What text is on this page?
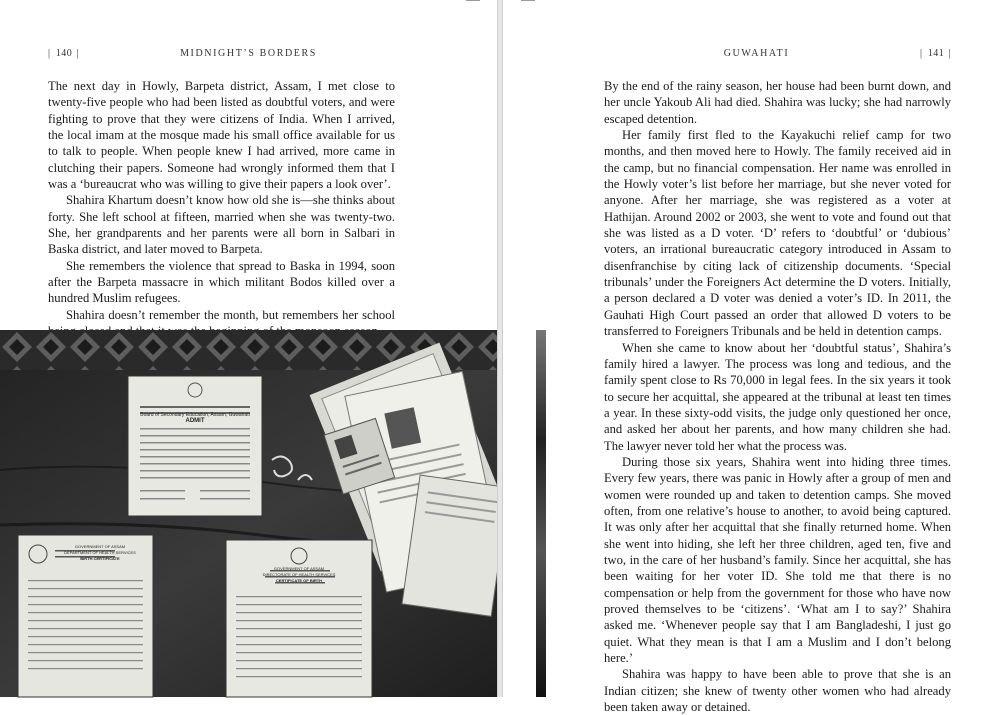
| 140 |	MIDNIGHT’S BORDERS

The next day in Howly, Barpeta district, Assam, I met close to twenty-five people who had been listed as doubtful voters, and were fighting to prove that they were citizens of India. When I arrived, the local imam at the mosque made his small office available for us to talk to people. When people knew I had arrived, more came in clutching their papers. Someone had wrongly informed them that I was a ‘bureaucrat who was willing to give their papers a look over’.

Shahira Khartum doesn’t know how old she is—she thinks about forty. She left school at fifteen, married when she was twenty-two. She, her grandparents and her parents were all born in Salbari in Baska district, and later moved to Barpeta.

She remembers the violence that spread to Baska in 1994, soon after the Barpeta massacre in which militant Bodos killed over a hundred Muslim refugees.

Shahira doesn’t remember the month, but remembers her school

Board of Secondary Education, Assam, Guwahati
ADMIT
GOVERNMENT OF ASSAM
DEPARTMENT OF HEALTH SERVICES
BIRTH CERTIFICATE
GOVERNMENT OF ASSAM
DIRECTORATE OF HEALTH SERVICES
CERTIFICATE OF BIRTH
GUWAHATI	| 141 |

By the end of the rainy season, her house had been burnt down, and her uncle Yakoub Ali had died. Shahira was lucky; she had narrowly escaped detention.

Her family first fled to the Kayakuchi relief camp for two months, and then moved here to Howly. The family received aid in the camp, but no financial compensation. Her name was enrolled in the Howly voter’s list before her marriage, but she never voted for anyone. After her marriage, she was registered as a voter at Hathijan. Around 2002 or 2003, she went to vote and found out that she was listed as a D voter. ‘D’ refers to ‘doubtful’ or ‘dubious’ voters, an irrational bureaucratic category introduced in Assam to disenfranchise by citing lack of citizenship documents. ‘Special tribunals’ under the Foreigners Act determine the D voters. Initially, a person declared a D voter was denied a voter’s ID. In 2011, the Gauhati High Court passed an order that allowed D voters to be transferred to Foreigners Tribunals and be held in detention camps.

When she came to know about her ‘doubtful status’, Shahira’s family hired a lawyer. The process was long and tedious, and the family spent close to Rs 70,000 in legal fees. In the six years it took to secure her acquittal, she appeared at the tribunal at least ten times a year. In these sixty-odd visits, the judge only questioned her once, and asked her about her parents, and how many children she had. The lawyer never told her what the process was.

During those six years, Shahira went into hiding three times. Every few years, there was panic in Howly after a group of men and women were rounded up and taken to detention camps. She moved often, from one relative’s house to another, to avoid being captured. It was only after her acquittal that she finally returned home. When she went into hiding, she left her three children, aged ten, five and two, in the care of her husband’s family. Since her acquittal, she has been waiting for her voter ID. She told me that there is no compensation or help from the government for those who have now proved themselves to be ‘citizens’. ‘What am I to say?’ Shahira asked me. ‘Whenever people say that I am Bangladeshi, I just go quiet. What they mean is that I am a Muslim and I don’t belong here.’

Shahira was happy to have been able to prove that she is an Indian citizen; she knew of twenty other women who had already been taken away or detained.
